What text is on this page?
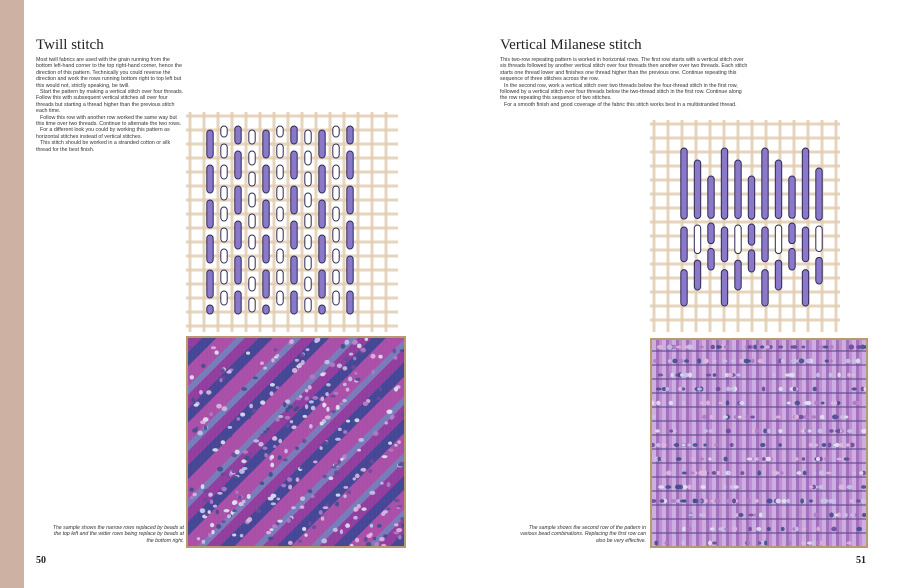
Twill stitch

Most twill fabrics are used with the grain running from the bottom left-hand corner to the top right-hand corner, hence the direction of this pattern. Technically you could reverse the direction and work the rows running bottom right to top left but this would not, strictly speaking, be twill.

Start the pattern by making a vertical stitch over four threads. Follow this with subsequent vertical stitches all over four threads but starting a thread higher than the previous stitch each time.

Follow this row with another row worked the same way but this time over two threads. Continue to alternate the two rows.

For a different look you could by working this pattern as horizontal stitches instead of vertical stitches.

This stitch should be worked in a stranded cotton or silk thread for the best finish.

The sample shows the narrow rows replaced by beads at

the top left and the wider rows being replace by beads at

the bottom right.

50
Vertical Milanese stitch

This two-row repeating pattern is worked in horizontal rows. The first row starts with a vertical stitch over six threads followed by another vertical stitch over four threads then another over two threads. Each stitch starts one thread lower and finishes one thread higher than the previous one. Continue repeating this sequence of three stitches across the row.

In the second row, work a vertical stitch over two threads below the four-thread stitch in the first row, followed by a vertical stitch over four threads below the two-thread stitch in the first row. Continue along the row repeating this sequence of two stitches.

For a smooth finish and good coverage of the fabric this stitch works best in a multistranded thread.

The sample shows the second row of the pattern in

various bead combinations. Replacing the first row can

also be very effective.

51
